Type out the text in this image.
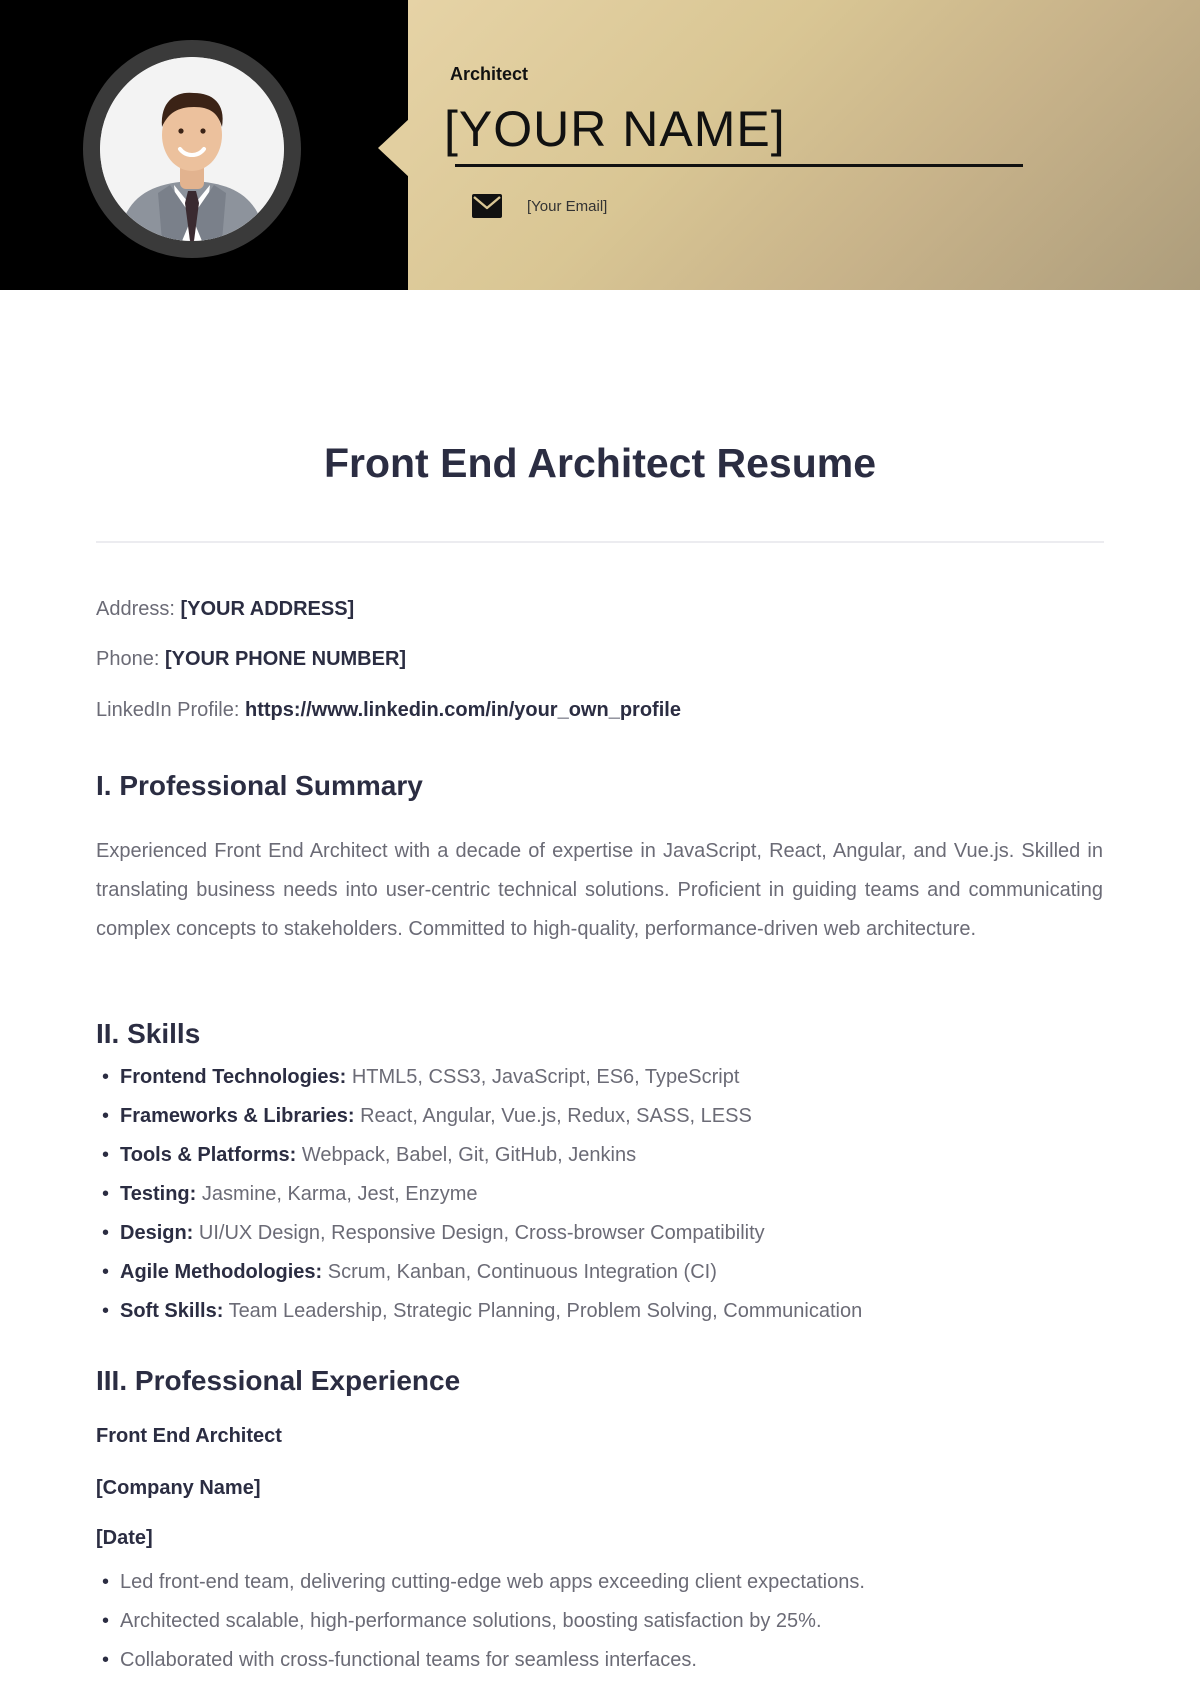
Architect
[YOUR NAME]
[Your Email]
Front End Architect Resume
Address: [YOUR ADDRESS]
Phone: [YOUR PHONE NUMBER]
LinkedIn Profile: https://www.linkedin.com/in/your_own_profile
I. Professional Summary

Experienced Front End Architect with a decade of expertise in JavaScript, React, Angular, and Vue.js. Skilled in translating business needs into user-centric technical solutions. Proficient in guiding teams and communicating complex concepts to stakeholders. Committed to high-quality, performance-driven web architecture.

II. Skills
• Frontend Technologies: HTML5, CSS3, JavaScript, ES6, TypeScript
• Frameworks & Libraries: React, Angular, Vue.js, Redux, SASS, LESS
• Tools & Platforms: Webpack, Babel, Git, GitHub, Jenkins
• Testing: Jasmine, Karma, Jest, Enzyme
• Design: UI/UX Design, Responsive Design, Cross-browser Compatibility
• Agile Methodologies: Scrum, Kanban, Continuous Integration (CI)
• Soft Skills: Team Leadership, Strategic Planning, Problem Solving, Communication
III. Professional Experience
Front End Architect
[Company Name]
[Date]
• Led front-end team, delivering cutting-edge web apps exceeding client expectations.
• Architected scalable, high-performance solutions, boosting satisfaction by 25%.
• Collaborated with cross-functional teams for seamless interfaces.
